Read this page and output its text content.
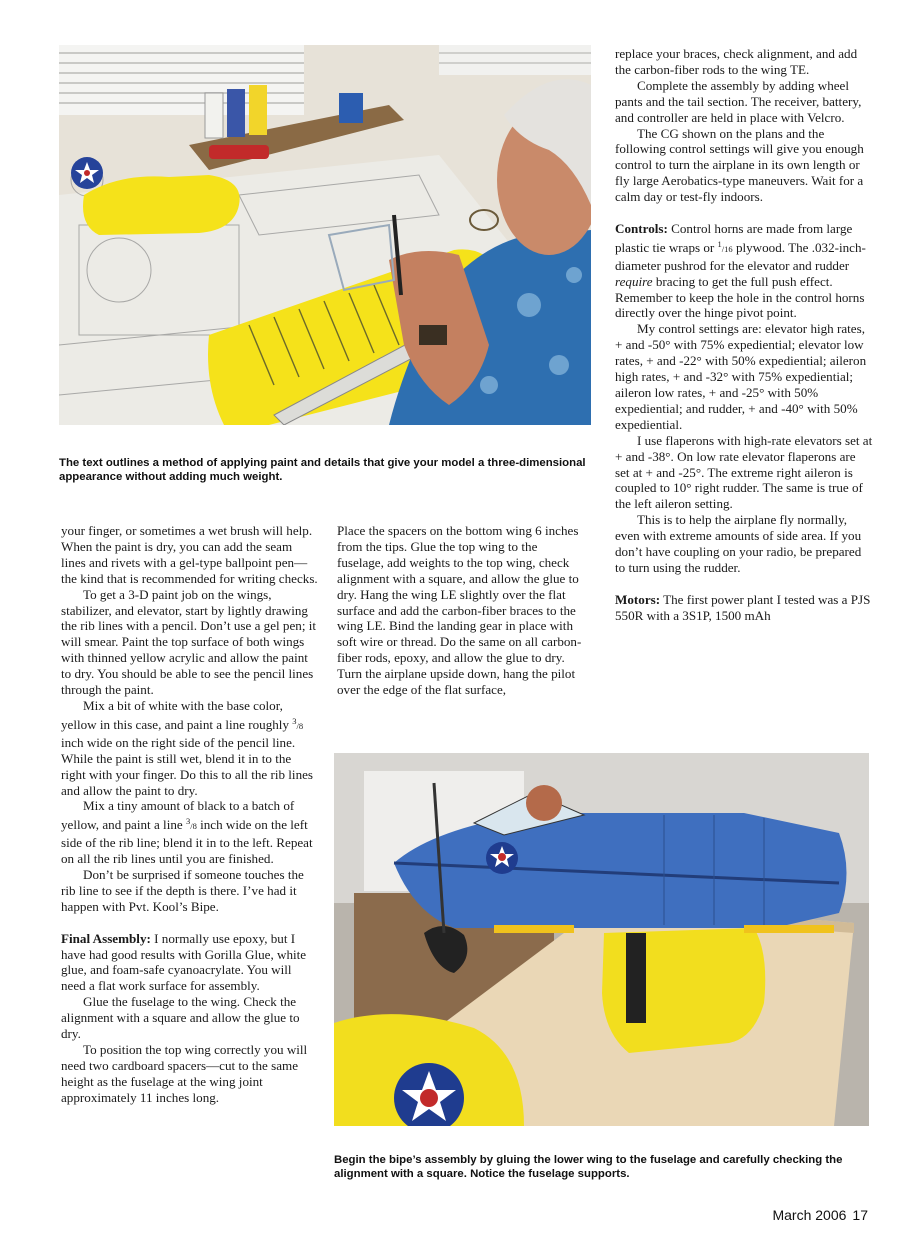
The text outlines a method of applying paint and details that give your model a three-dimensional appearance without adding much weight.

your finger, or sometimes a wet brush will help. When the paint is dry, you can add the seam lines and rivets with a gel-type ballpoint pen—the kind that is recommended for writing checks.

To get a 3-D paint job on the wings, stabilizer, and elevator, start by lightly drawing the rib lines with a pencil. Don’t use a gel pen; it will smear. Paint the top surface of both wings with thinned yellow acrylic and allow the paint to dry. You should be able to see the pencil lines through the paint.

Mix a bit of white with the base color, yellow in this case, and paint a line roughly $^3$/8 inch wide on the right side of the pencil line. While the paint is still wet, blend it in to the right with your finger. Do this to all the rib lines and allow the paint to dry.

Mix a tiny amount of black to a batch of yellow, and paint a line $^3$/8 inch wide on the left side of the rib line; blend it in to the left. Repeat on all the rib lines until you are finished.

Don’t be surprised if someone touches the rib line to see if the depth is there. I’ve had it happen with Pvt. Kool’s Bipe.

Final Assembly: I normally use epoxy, but I have had good results with Gorilla Glue, white glue, and foam-safe cyanoacrylate. You will need a flat work surface for assembly.

Glue the fuselage to the wing. Check the alignment with a square and allow the glue to dry.

To position the top wing correctly you will need two cardboard spacers—cut to the same height as the fuselage at the wing joint approximately 11 inches long.

Place the spacers on the bottom wing 6 inches from the tips. Glue the top wing to the fuselage, add weights to the top wing, check alignment with a square, and allow the glue to dry. Hang the wing LE slightly over the flat surface and add the carbon-fiber braces to the wing LE. Bind the landing gear in place with soft wire or thread. Do the same on all carbon-fiber rods, epoxy, and allow the glue to dry. Turn the airplane upside down, hang the pilot over the edge of the flat surface,

replace your braces, check alignment, and add the carbon-fiber rods to the wing TE.

Complete the assembly by adding wheel pants and the tail section. The receiver, battery, and controller are held in place with Velcro.

The CG shown on the plans and the following control settings will give you enough control to turn the airplane in its own length or fly large Aerobatics-type maneuvers. Wait for a calm day or test-fly indoors.

Controls: Control horns are made from large plastic tie wraps or $^1$/16 plywood. The .032-inch-diameter pushrod for the elevator and rudder require bracing to get the full push effect. Remember to keep the hole in the control horns directly over the hinge pivot point.

My control settings are: elevator high rates, + and -50° with 75% expediential; elevator low rates, + and -22° with 50% expediential; aileron high rates, + and -32° with 75% expediential; aileron low rates, + and -25° with 50% expediential; and rudder, + and -40° with 50% expediential.

I use flaperons with high-rate elevators set at + and -38°. On low rate elevator flaperons are set at + and -25°. The extreme right aileron is coupled to 10° right rudder. The same is true of the left aileron setting.

This is to help the airplane fly normally, even with extreme amounts of side area. If you don’t have coupling on your radio, be prepared to turn using the rudder.

Motors: The first power plant I tested was a PJS 550R with a 3S1P, 1500 mAh

Begin the bipe’s assembly by gluing the lower wing to the fuselage and carefully checking the alignment with a square. Notice the fuselage supports.
March 2006 17
